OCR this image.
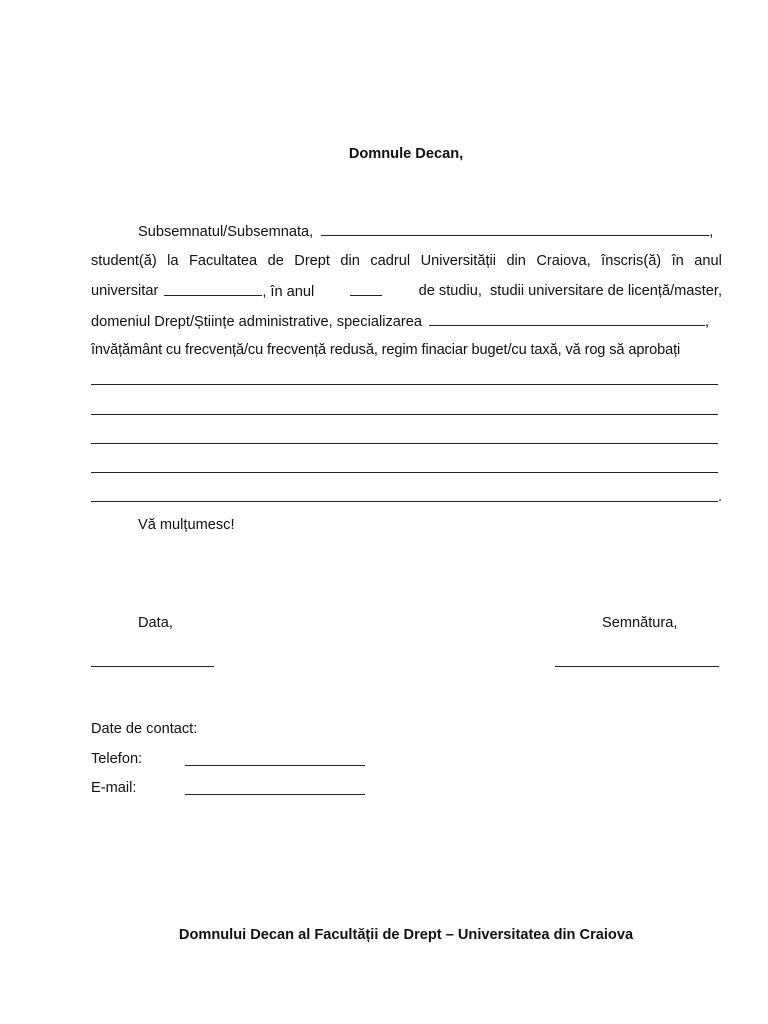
Domnule Decan,
Subsemnatul/Subsemnata,	,
student(ă) la Facultatea de Drept din cadrul Universității din Craiova, înscris(ă) în anul
universitar	, în anul	de studiu,  studii universitare de licență/master,
domeniul Drept/Științe administrative, specializarea	,
învățământ cu frecvență/cu frecvență redusă, regim finaciar buget/cu taxă, vă rog să aprobați
.
Vă mulțumesc!
Data,	Semnătura,
Date de contact:
Telefon:
E-mail:
Domnului Decan al Facultății de Drept – Universitatea din Craiova
